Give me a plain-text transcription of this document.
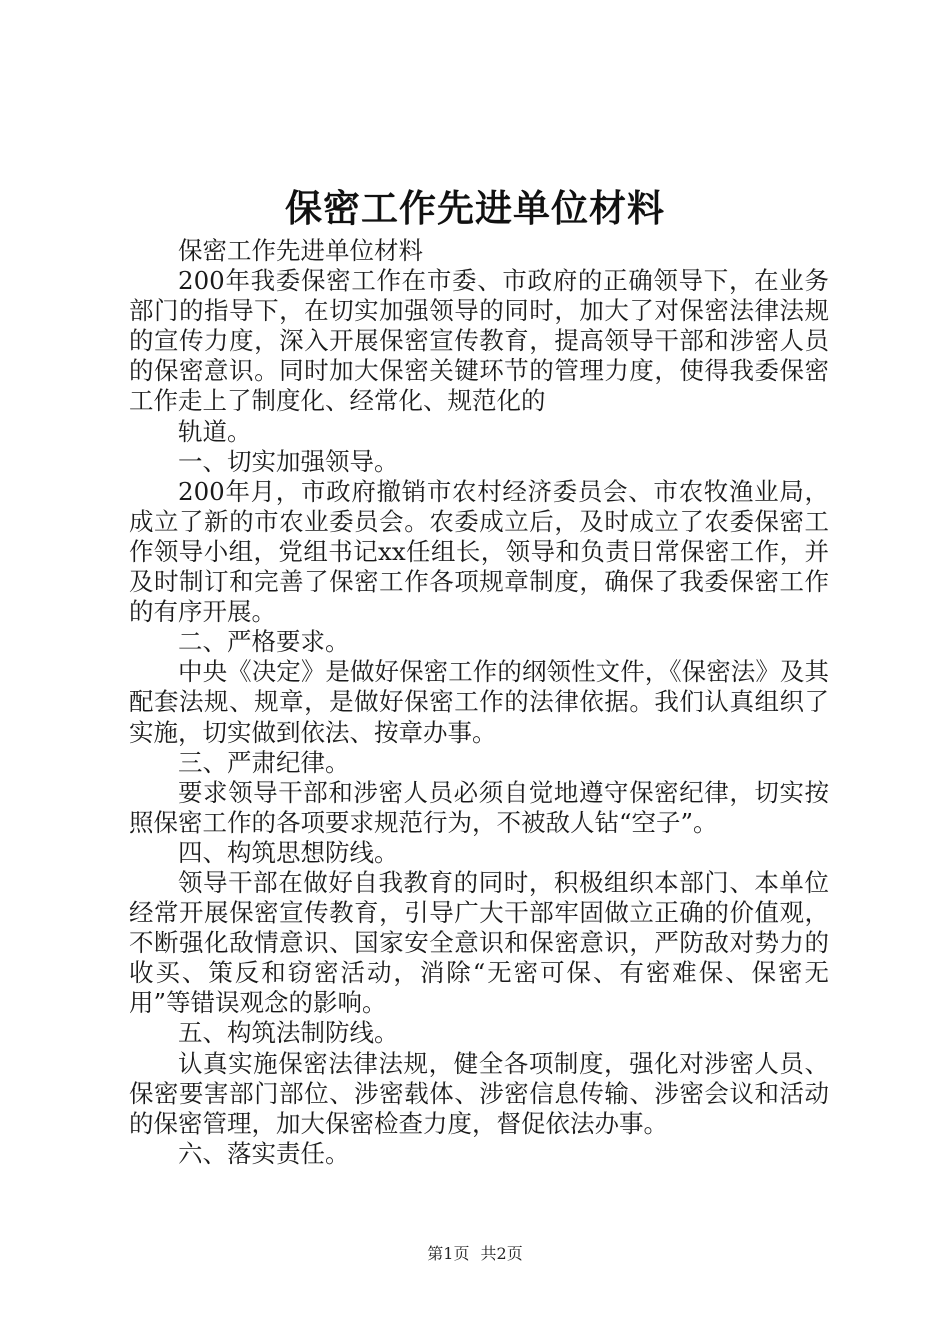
保密工作先进单位材料

保密工作先进单位材料

200年我委保密工作在市委、市政府的正确领导下，在业务部门的指导下，在切实加强领导的同时，加大了对保密法律法规的宣传力度，深入开展保密宣传教育，提高领导干部和涉密人员的保密意识。同时加大保密关键环节的管理力度，使得我委保密工作走上了制度化、经常化、规范化的

轨道。

一、切实加强领导。

200年月，市政府撤销市农村经济委员会、市农牧渔业局，成立了新的市农业委员会。农委成立后，及时成立了农委保密工作领导小组，党组书记xx任组长，领导和负责日常保密工作，并及时制订和完善了保密工作各项规章制度，确保了我委保密工作的有序开展。

二、严格要求。

中央《决定》是做好保密工作的纲领性文件，《保密法》及其配套法规、规章，是做好保密工作的法律依据。我们认真组织了实施，切实做到依法、按章办事。

三、严肃纪律。

要求领导干部和涉密人员必须自觉地遵守保密纪律，切实按照保密工作的各项要求规范行为，不被敌人钻“空子”。

四、构筑思想防线。

领导干部在做好自我教育的同时，积极组织本部门、本单位经常开展保密宣传教育，引导广大干部牢固做立正确的价值观，不断强化敌情意识、国家安全意识和保密意识，严防敌对势力的收买、策反和窃密活动，消除“无密可保、有密难保、保密无用”等错误观念的影响。

五、构筑法制防线。

认真实施保密法律法规，健全各项制度，强化对涉密人员、保密要害部门部位、涉密载体、涉密信息传输、涉密会议和活动的保密管理，加大保密检查力度，督促依法办事。

六、落实责任。

第1页 共2页
